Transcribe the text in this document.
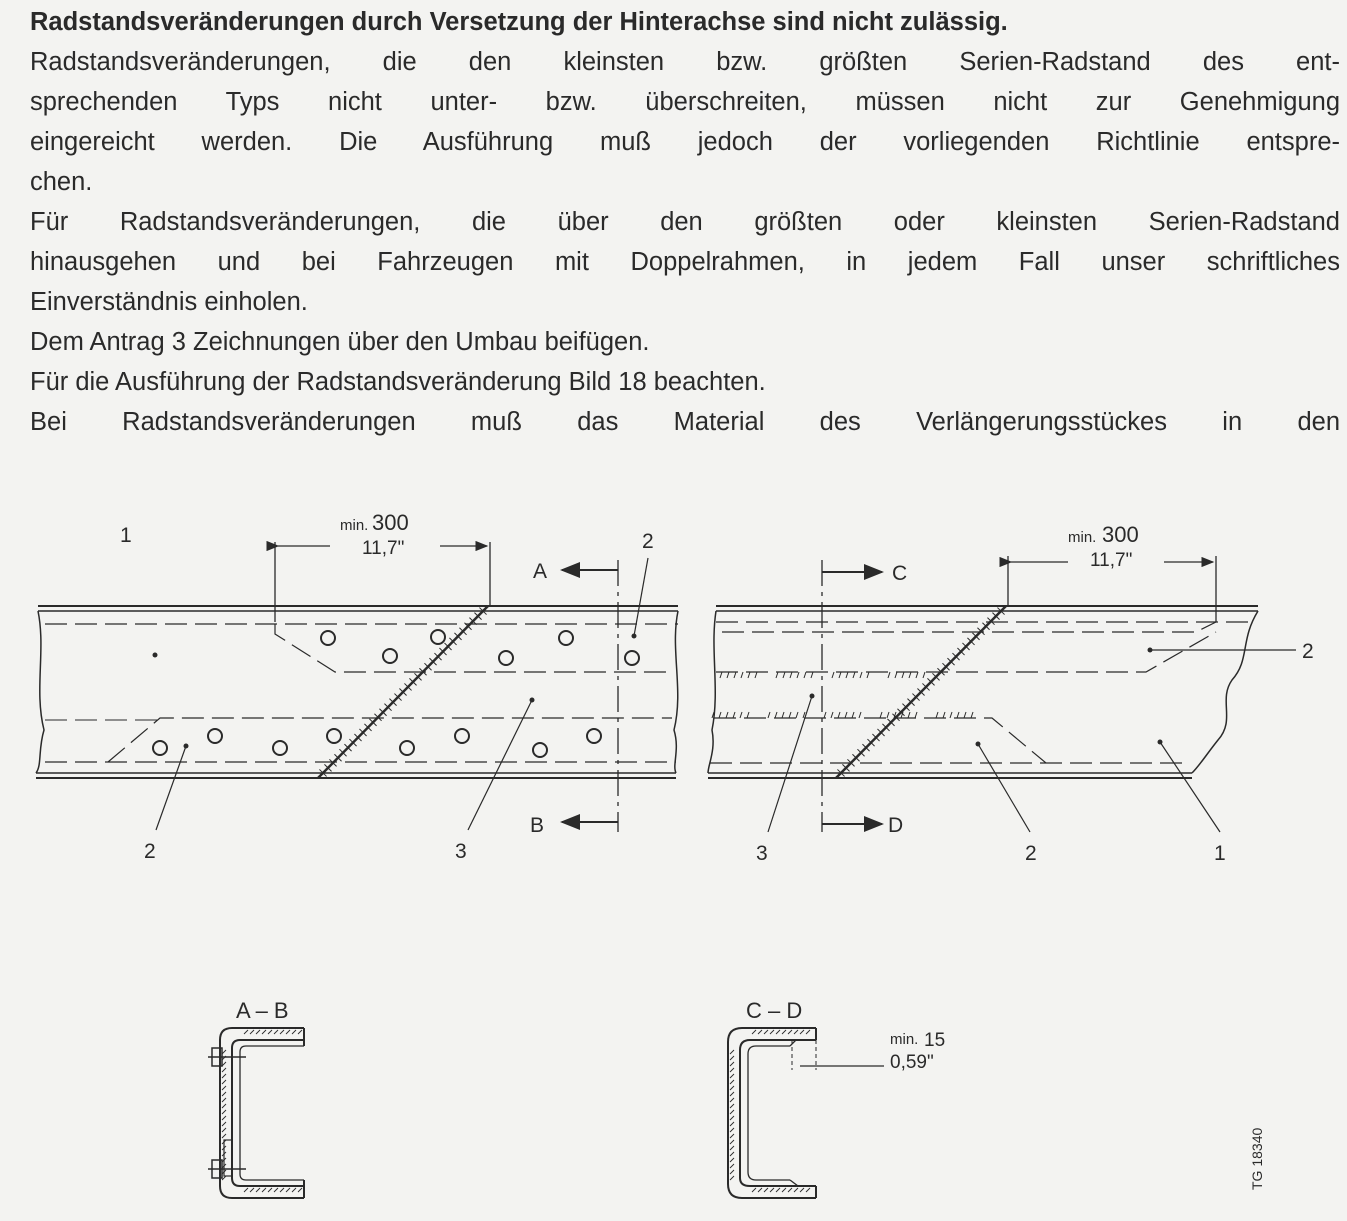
Radstandsveränderungen durch Versetzung der Hinterachse sind nicht zulässig.

Radstandsveränderungen, die den kleinsten bzw. größten Serien-Radstand des ent-

sprechenden Typs nicht unter- bzw. überschreiten, müssen nicht zur Genehmigung

eingereicht werden. Die Ausführung muß jedoch der vorliegenden Richtlinie entspre-

chen.

Für Radstandsveränderungen, die über den größten oder kleinsten Serien-Radstand

hinausgehen und bei Fahrzeugen mit Doppelrahmen, in jedem Fall unser schriftliches

Einverständnis einholen.

Dem Antrag 3 Zeichnungen über den Umbau beifügen.

Für die Ausführung der Radstandsveränderung Bild 18 beachten.

Bei Radstandsveränderungen muß das Material des Verlängerungsstückes in den

min. 300
11,7"
A
B
1	2
2	3
min. 300
11,7"
C
D
2
3	2	1
A – B	C – D
min. 15
0,59"
TG 18340
